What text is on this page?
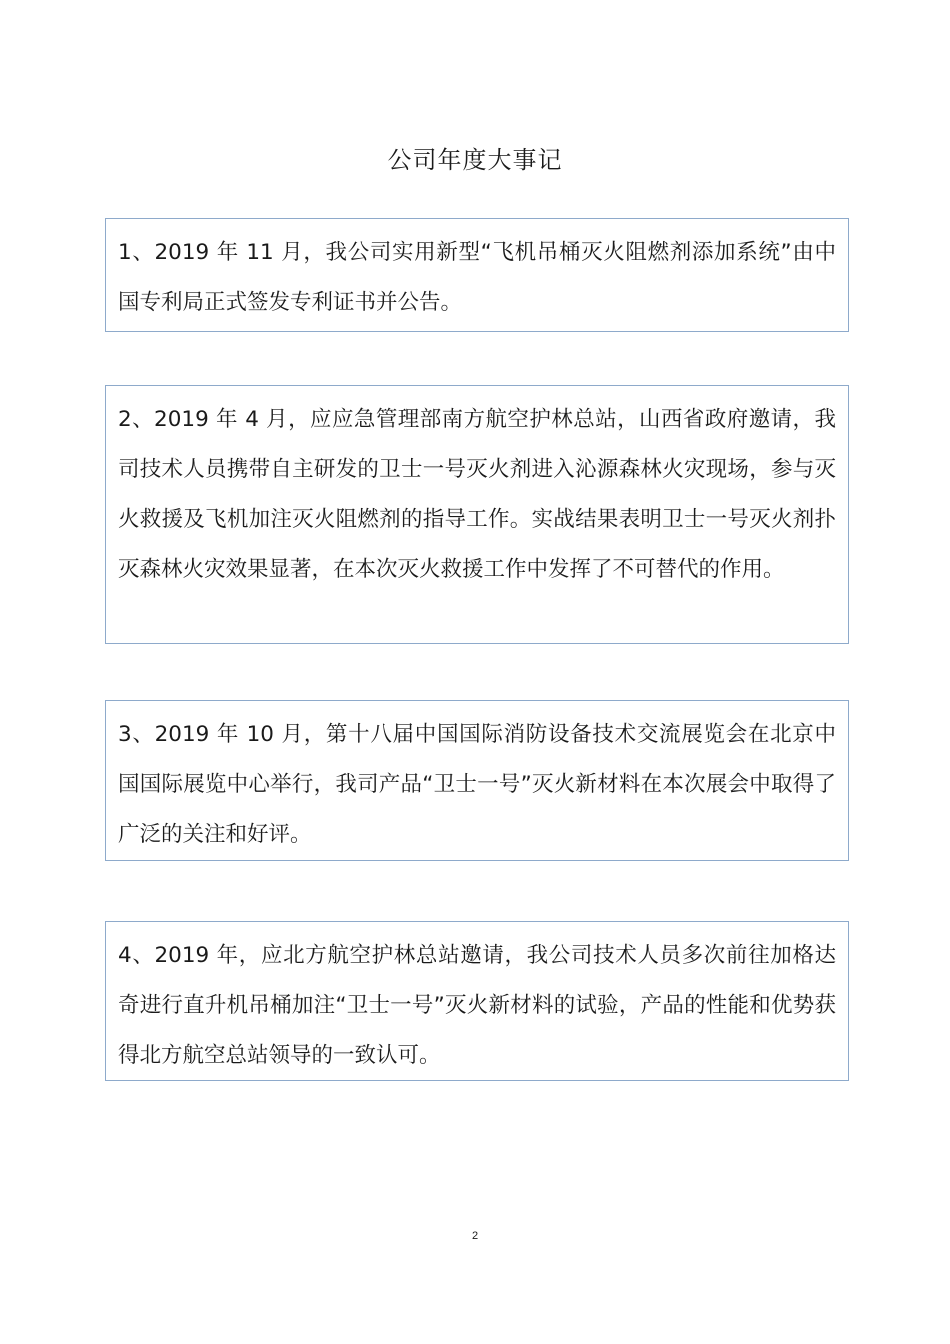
公司年度大事记

1、2019 年 11 月，我公司实用新型“飞机吊桶灭火阻燃剂添加系统”由中国专利局正式签发专利证书并公告。

2、2019 年 4 月，应应急管理部南方航空护林总站，山西省政府邀请，我司技术人员携带自主研发的卫士一号灭火剂进入沁源森林火灾现场，参与灭火救援及飞机加注灭火阻燃剂的指导工作。实战结果表明卫士一号灭火剂扑灭森林火灾效果显著，在本次灭火救援工作中发挥了不可替代的作用。

3、2019 年 10 月，第十八届中国国际消防设备技术交流展览会在北京中国国际展览中心举行，我司产品“卫士一号”灭火新材料在本次展会中取得了广泛的关注和好评。

4、2019 年，应北方航空护林总站邀请，我公司技术人员多次前往加格达奇进行直升机吊桶加注“卫士一号”灭火新材料的试验，产品的性能和优势获得北方航空总站领导的一致认可。

2
